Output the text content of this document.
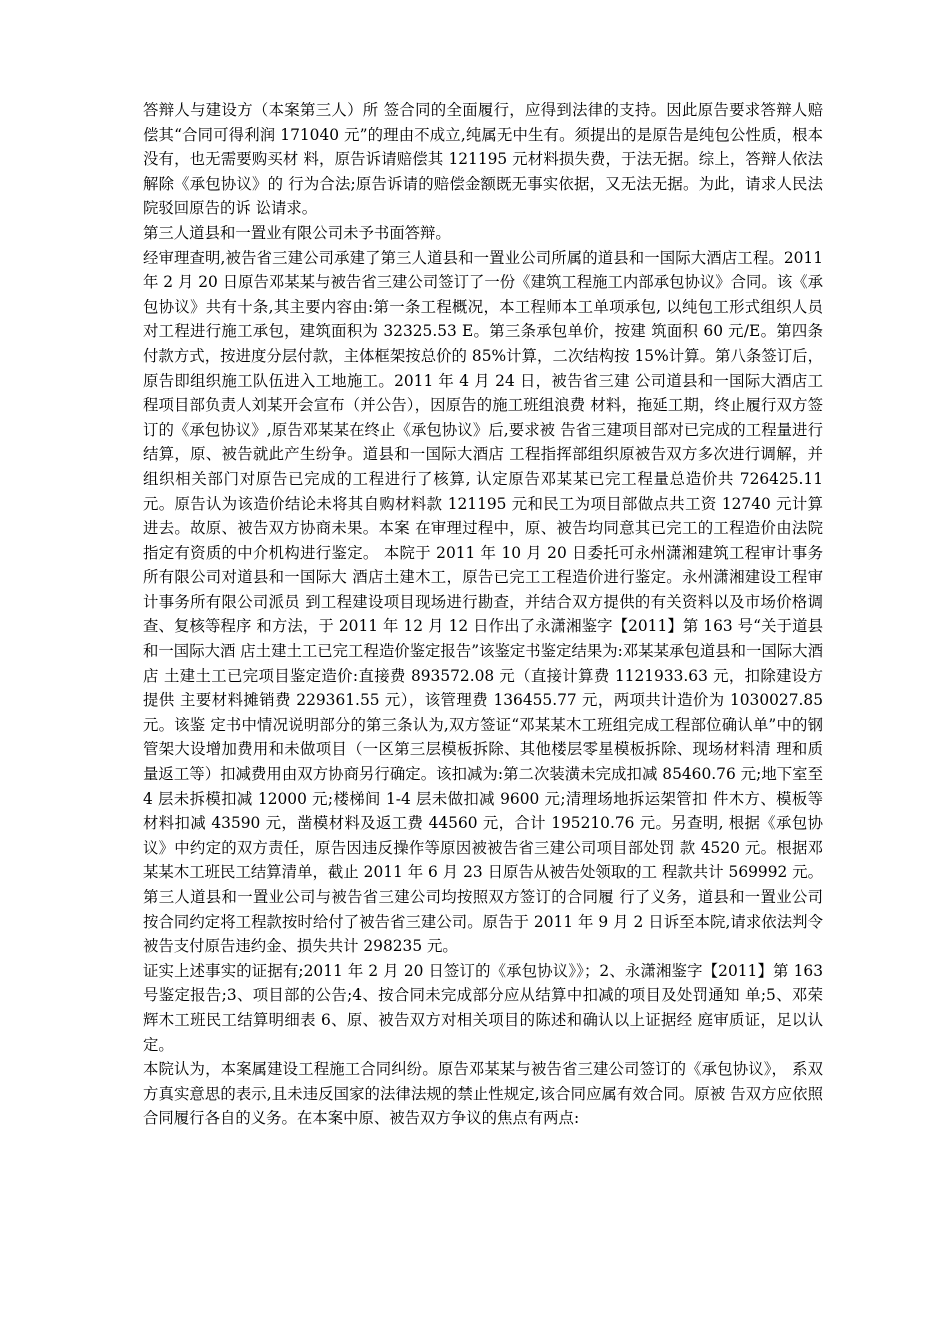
答辩人与建设方（本案第三人）所 签合同的全面履行，应得到法律的支持。因此原告要求答辩人赔偿其“合同可得利润 171040 元”的理由不成立,纯属无中生有。须提出的是原告是纯包公性质，根本没有，也无需要购买材 料，原告诉请赔偿其 121195 元材料损失费，于法无据。综上，答辩人依法解除《承包协议》的 行为合法;原告诉请的赔偿金额既无事实依据，又无法无据。为此，请求人民法院驳回原告的诉 讼请求。

第三人道县和一置业有限公司未予书面答辩。

经审理查明,被告省三建公司承建了第三人道县和一置业公司所属的道县和一国际大酒店工程。2011 年 2 月 20 日原告邓某某与被告省三建公司签订了一份《建筑工程施工内部承包协议》合同。该《承包协议》共有十条,其主要内容由:第一条工程概况，本工程师本工单项承包, 以纯包工形式组织人员对工程进行施工承包，建筑面积为 32325.53 E。第三条承包单价，按建 筑面积 60 元/E。第四条付款方式，按进度分层付款，主体框架按总价的 85%计算，二次结构按 15%计算。第八条签订后，原告即组织施工队伍进入工地施工。2011 年 4 月 24 日，被告省三建 公司道县和一国际大酒店工程项目部负责人刘某开会宣布（并公告），因原告的施工班组浪费 材料，拖延工期，终止履行双方签订的《承包协议》,原告邓某某在终止《承包协议》后,要求被 告省三建项目部对已完成的工程量进行结算，原、被告就此产生纷争。道县和一国际大酒店 工程指挥部组织原被告双方多次进行调解，并组织相关部门对原告已完成的工程进行了核算, 认定原告邓某某已完工程量总造价共 726425.11 元。原告认为该造价结论未将其自购材料款 121195 元和民工为项目部做点共工资 12740 元计算进去。故原、被告双方协商未果。本案 在审理过程中，原、被告均同意其已完工的工程造价由法院指定有资质的中介机构进行鉴定。 本院于 2011 年 10 月 20 日委托可永州潇湘建筑工程审计事务所有限公司对道县和一国际大 酒店土建木工，原告已完工工程造价进行鉴定。永州潇湘建设工程审计事务所有限公司派员 到工程建设项目现场进行勘查，并结合双方提供的有关资料以及市场价格调查、复核等程序 和方法，于 2011 年 12 月 12 日作出了永潇湘鉴字【2011】第 163 号“关于道县和一国际大酒 店土建土工已完工程造价鉴定报告”该鉴定书鉴定结果为:邓某某承包道县和一国际大酒店 土建土工已完项目鉴定造价:直接费 893572.08 元（直接计算费 1121933.63 元，扣除建设方提供 主要材料摊销费 229361.55 元），该管理费 136455.77 元，两项共计造价为 1030027.85 元。该鉴 定书中情况说明部分的第三条认为,双方签证“邓某某木工班组完成工程部位确认单”中的钢 管架大设增加费用和未做项目（一区第三层模板拆除、其他楼层零星模板拆除、现场材料清 理和质量返工等）扣减费用由双方协商另行确定。该扣减为:第二次装潢未完成扣减 85460.76 元;地下室至 4 层未拆模扣减 12000 元;楼梯间 1-4 层未做扣减 9600 元;清理场地拆运架管扣 件木方、模板等材料扣减 43590 元，凿模材料及返工费 44560 元，合计 195210.76 元。另查明, 根据《承包协议》中约定的双方责任，原告因违反操作等原因被被告省三建公司项目部处罚 款 4520 元。根据邓某某木工班民工结算清单，截止 2011 年 6 月 23 日原告从被告处领取的工 程款共计 569992 元。第三人道县和一置业公司与被告省三建公司均按照双方签订的合同履 行了义务，道县和一置业公司按合同约定将工程款按时给付了被告省三建公司。原告于 2011 年 9 月 2 日诉至本院,请求依法判令被告支付原告违约金、损失共计 298235 元。

证实上述事实的证据有;2011 年 2 月 20 日签订的《承包协议》》；2、永潇湘鉴字【2011】第 163 号鉴定报告;3、项目部的公告;4、按合同未完成部分应从结算中扣减的项目及处罚通知 单;5、邓荣辉木工班民工结算明细表 6、原、被告双方对相关项目的陈述和确认以上证据经 庭审质证，足以认定。

本院认为，本案属建设工程施工合同纠纷。原告邓某某与被告省三建公司签订的《承包协议》， 系双方真实意思的表示,且未违反国家的法律法规的禁止性规定,该合同应属有效合同。原被 告双方应依照合同履行各自的义务。在本案中原、被告双方争议的焦点有两点:
